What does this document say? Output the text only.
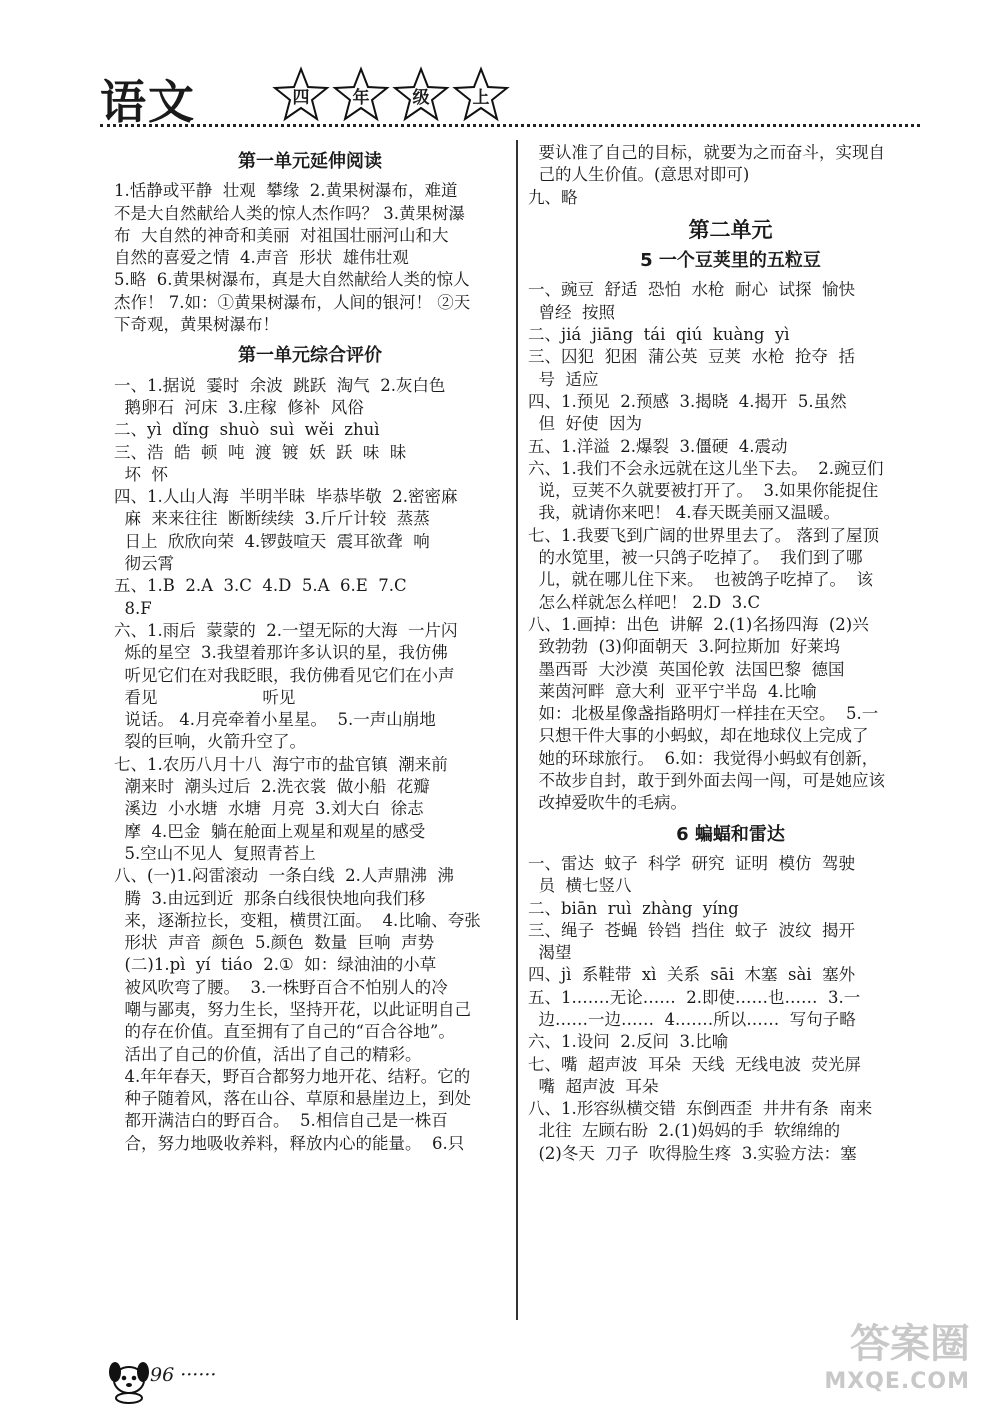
语文	四	年	级	上
第一单元延伸阅读
1.恬静或平静  壮观  攀缘  2.黄果树瀑布，难道
不是大自然献给人类的惊人杰作吗？ 3.黄果树瀑
布  大自然的神奇和美丽  对祖国壮丽河山和大
自然的喜爱之情  4.声音  形状  雄伟壮观
5.略  6.黄果树瀑布，真是大自然献给人类的惊人
杰作！ 7.如：①黄果树瀑布，人间的银河！ ②天
下奇观，黄果树瀑布！
第一单元综合评价
一、1.据说  霎时  余波  跳跃  淘气  2.灰白色
鹅卵石  河床  3.庄稼  修补  风俗
二、yì  dǐng  shuò  suì  wěi  zhuì
三、浩  皓  顿  吨  渡  镀  妖  跃  味  昧
坏  怀
四、1.人山人海  半明半昧  毕恭毕敬  2.密密麻
麻  来来往往  断断续续  3.斤斤计较  蒸蒸
日上  欣欣向荣  4.锣鼓喧天  震耳欲聋  响
彻云霄
五、1.B  2.A  3.C  4.D  5.A  6.E  7.C
8.F
六、1.雨后  蒙蒙的  2.一望无际的大海  一片闪
烁的星空  3.我望着那许多认识的星，我仿佛
听见它们在对我眨眼，我仿佛看见它们在小声
看见                    听见
说话。 4.月亮牵着小星星。  5.一声山崩地
裂的巨响，火箭升空了。
七、1.农历八月十八  海宁市的盐官镇  潮来前
潮来时  潮头过后  2.洗衣裳  做小船  花瓣
溪边  小水塘  水塘  月亮  3.刘大白  徐志
摩  4.巴金  躺在舱面上观星和观星的感受
5.空山不见人  复照青苔上
八、(一)1.闷雷滚动  一条白线  2.人声鼎沸  沸
腾  3.由远到近  那条白线很快地向我们移
来，逐渐拉长，变粗，横贯江面。  4.比喻、夸张
形状  声音  颜色  5.颜色  数量  巨响  声势
(二)1.pì  yí  tiáo  2.①  如：绿油油的小草
被风吹弯了腰。  3.一株野百合不怕别人的冷
嘲与鄙夷，努力生长，坚持开花，以此证明自己
的存在价值。直至拥有了自己的“百合谷地”。
活出了自己的价值，活出了自己的精彩。
4.年年春天，野百合都努力地开花、结籽。它的
种子随着风，落在山谷、草原和悬崖边上，到处
都开满洁白的野百合。  5.相信自己是一株百
合，努力地吸收养料，释放内心的能量。  6.只
要认准了自己的目标，就要为之而奋斗，实现自
己的人生价值。(意思对即可)
九、略
第二单元
5 一个豆荚里的五粒豆
一、豌豆  舒适  恐怕  水枪  耐心  试探  愉快
曾经  按照
二、jiá  jiāng  tái  qiú  kuàng  yì
三、囚犯  犯困  蒲公英  豆荚  水枪  抢夺  括
号  适应
四、1.预见  2.预感  3.揭晓  4.揭开  5.虽然
但  好使  因为
五、1.洋溢  2.爆裂  3.僵硬  4.震动
六、1.我们不会永远就在这儿坐下去。  2.豌豆们
说，豆荚不久就要被打开了。  3.如果你能捉住
我，就请你来吧！ 4.春天既美丽又温暖。
七、1.我要飞到广阔的世界里去了。 落到了屋顶
的水笕里，被一只鸽子吃掉了。  我们到了哪
儿，就在哪儿住下来。  也被鸽子吃掉了。  该
怎么样就怎么样吧！ 2.D  3.C
八、1.画掉：出色  讲解  2.(1)名扬四海  (2)兴
致勃勃  (3)仰面朝天  3.阿拉斯加  好莱坞
墨西哥  大沙漠  英国伦敦  法国巴黎  德国
莱茵河畔  意大利  亚平宁半岛  4.比喻
如：北极星像盏指路明灯一样挂在天空。  5.一
只想干件大事的小蚂蚁，却在地球仪上完成了
她的环球旅行。  6.如：我觉得小蚂蚁有创新，
不故步自封，敢于到外面去闯一闯，可是她应该
改掉爱吹牛的毛病。
6 蝙蝠和雷达
一、雷达  蚊子  科学  研究  证明  模仿  驾驶
员  横七竖八
二、biān  ruì  zhàng  yíng
三、绳子  苍蝇  铃铛  挡住  蚊子  波纹  揭开
渴望
四、jì  系鞋带  xì  关系  sāi  木塞  sài  塞外
五、1.……无论……  2.即使……也……  3.一
边……一边……  4.……所以……  写句子略
六、1.设问  2.反问  3.比喻
七、嘴  超声波  耳朵  天线  无线电波  荧光屏
嘴  超声波  耳朵
八、1.形容纵横交错  东倒西歪  井井有条  南来
北往  左顾右盼  2.(1)妈妈的手  软绵绵的
(2)冬天  刀子  吹得脸生疼  3.实验方法：塞
96 ······
答案圈
MXQE.COM
